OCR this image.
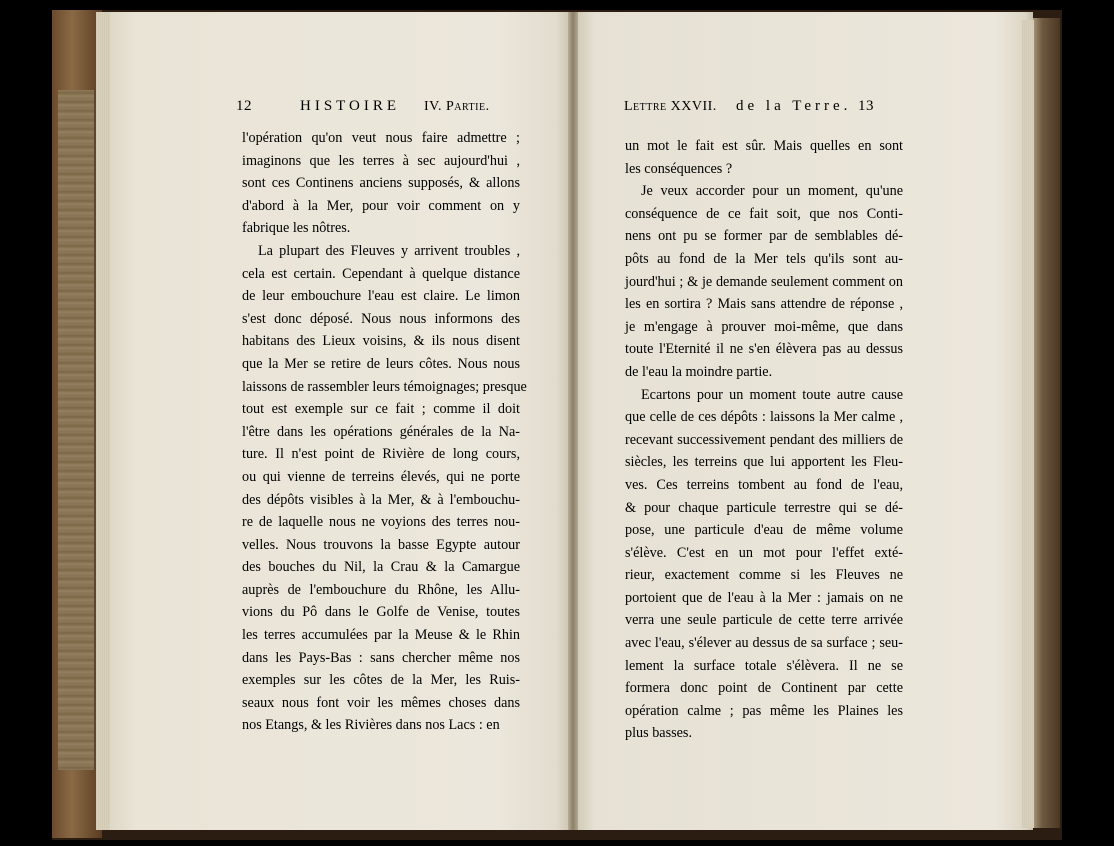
12	HISTOIRE IV. Partie.
l'opération qu'on veut nous faire admettre ;
imaginons que les terres à sec aujourd'hui ,
sont ces Continens anciens supposés, & allons
d'abord à la Mer, pour voir comment on y
fabrique les nôtres.
La plupart des Fleuves y arrivent troubles ,
cela est certain. Cependant à quelque distance
de leur embouchure l'eau est claire. Le limon
s'est donc déposé. Nous nous informons des
habitans des Lieux voisins, & ils nous disent
que la Mer se retire de leurs côtes. Nous nous
laissons de rassembler leurs témoignages; presque
tout est exemple sur ce fait ; comme il doit
l'être dans les opérations générales de la Na-
ture. Il n'est point de Rivière de long cours,
ou qui vienne de terreins élevés, qui ne porte
des dépôts visibles à la Mer, & à l'embouchu-
re de laquelle nous ne voyions des terres nou-
velles. Nous trouvons la basse Egypte autour
des bouches du Nil, la Crau & la Camargue
auprès de l'embouchure du Rhône, les Allu-
vions du Pô dans le Golfe de Venise, toutes
les terres accumulées par la Meuse & le Rhin
dans les Pays-Bas : sans chercher même nos
exemples sur les côtes de la Mer, les Ruis-
seaux nous font voir les mêmes choses dans
nos Etangs, & les Rivières dans nos Lacs : en
Lettre XXVII. de la Terre. 13
un mot le fait est sûr. Mais quelles en sont
les conséquences ?
Je veux accorder pour un moment, qu'une
conséquence de ce fait soit, que nos Conti-
nens ont pu se former par de semblables dé-
pôts au fond de la Mer tels qu'ils sont au-
jourd'hui ; & je demande seulement comment on
les en sortira ? Mais sans attendre de réponse ,
je m'engage à prouver moi-même, que dans
toute l'Eternité il ne s'en élèvera pas au dessus
de l'eau la moindre partie.
Ecartons pour un moment toute autre cause
que celle de ces dépôts : laissons la Mer calme ,
recevant successivement pendant des milliers de
siècles, les terreins que lui apportent les Fleu-
ves. Ces terreins tombent au fond de l'eau,
& pour chaque particule terrestre qui se dé-
pose, une particule d'eau de même volume
s'élève. C'est en un mot pour l'effet exté-
rieur, exactement comme si les Fleuves ne
portoient que de l'eau à la Mer : jamais on ne
verra une seule particule de cette terre arrivée
avec l'eau, s'élever au dessus de sa surface ; seu-
lement la surface totale s'élèvera. Il ne se
formera donc point de Continent par cette
opération calme ; pas même les Plaines les
plus basses.
